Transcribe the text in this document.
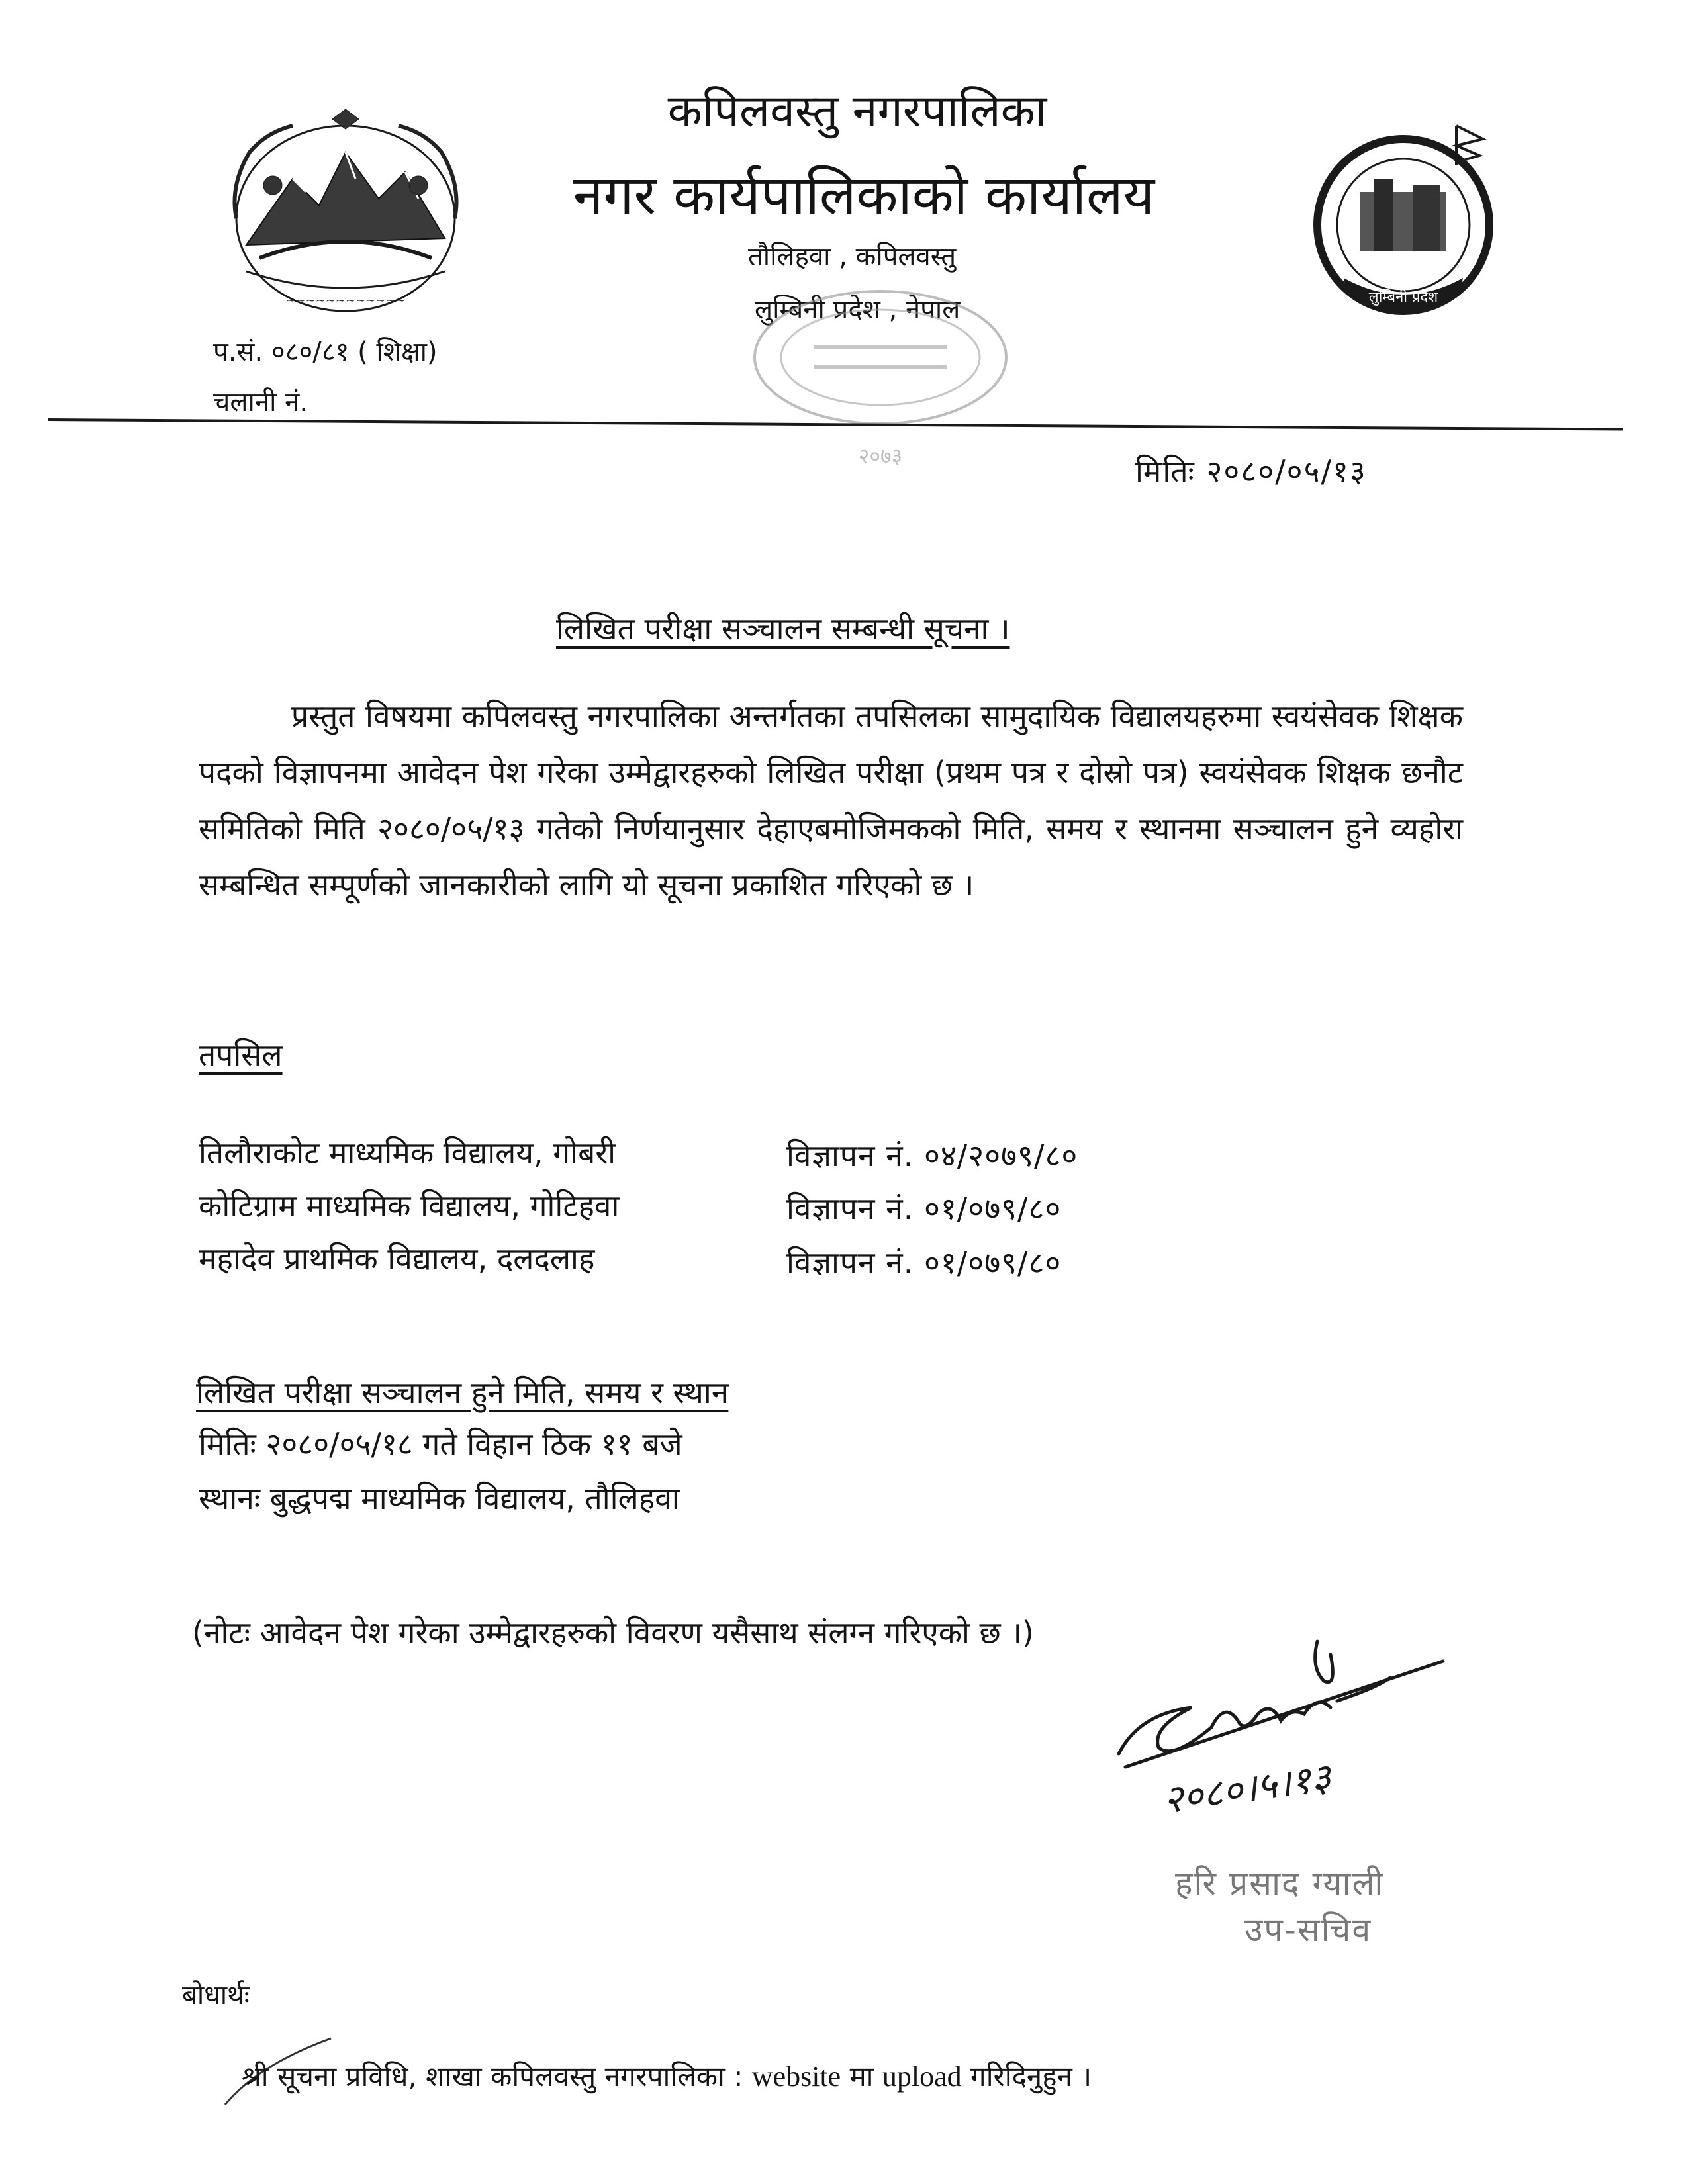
~~~~~~~~~~~~
कपिलवस्तु नगरपालिका
नगर कार्यपालिकाको कार्यालय
तौलिहवा , कपिलवस्तु
लुम्बिनी प्रदेश , नेपाल	लुम्बिनी प्रदेश
२०७३
प.सं. ०८०/८१ ( शिक्षा)
चलानी नं.
मितिः २०८०/०५/१३
लिखित परीक्षा सञ्चालन सम्बन्धी सूचना ।
प्रस्तुत विषयमा कपिलवस्तु नगरपालिका अन्तर्गतका तपसिलका सामुदायिक विद्यालयहरुमा स्वयंसेवक शिक्षक पदको विज्ञापनमा आवेदन पेश गरेका उम्मेद्वारहरुको लिखित परीक्षा (प्रथम पत्र र दोस्रो पत्र) स्वयंसेवक शिक्षक छनौट समितिको मिति २०८०/०५/१३ गतेको निर्णयानुसार देहाएबमोजिमकको मिति, समय र स्थानमा सञ्चालन हुने व्यहोरा सम्बन्धित सम्पूर्णको जानकारीको लागि यो सूचना प्रकाशित गरिएको छ ।
तपसिल
तिलौराकोट माध्यमिक विद्यालय, गोबरी	विज्ञापन नं. ०४/२०७९/८०
कोटिग्राम माध्यमिक विद्यालय, गोटिहवा	विज्ञापन नं. ०१/०७९/८०
महादेव प्राथमिक विद्यालय, दलदलाह	विज्ञापन नं. ०१/०७९/८०
लिखित परीक्षा सञ्चालन हुने मिति, समय र स्थान
मितिः २०८०/०५/१८ गते विहान ठिक ११ बजे
स्थानः बुद्धपद्म माध्यमिक विद्यालय, तौलिहवा
(नोटः आवेदन पेश गरेका उम्मेद्वारहरुको विवरण यसैसाथ संलग्न गरिएको छ ।)
२०८०।५।१३
हरि प्रसाद ग्याली
उप-सचिव
बोधार्थः
श्री सूचना प्रविधि, शाखा कपिलवस्तु नगरपालिका : website मा upload गरिदिनुहुन ।
